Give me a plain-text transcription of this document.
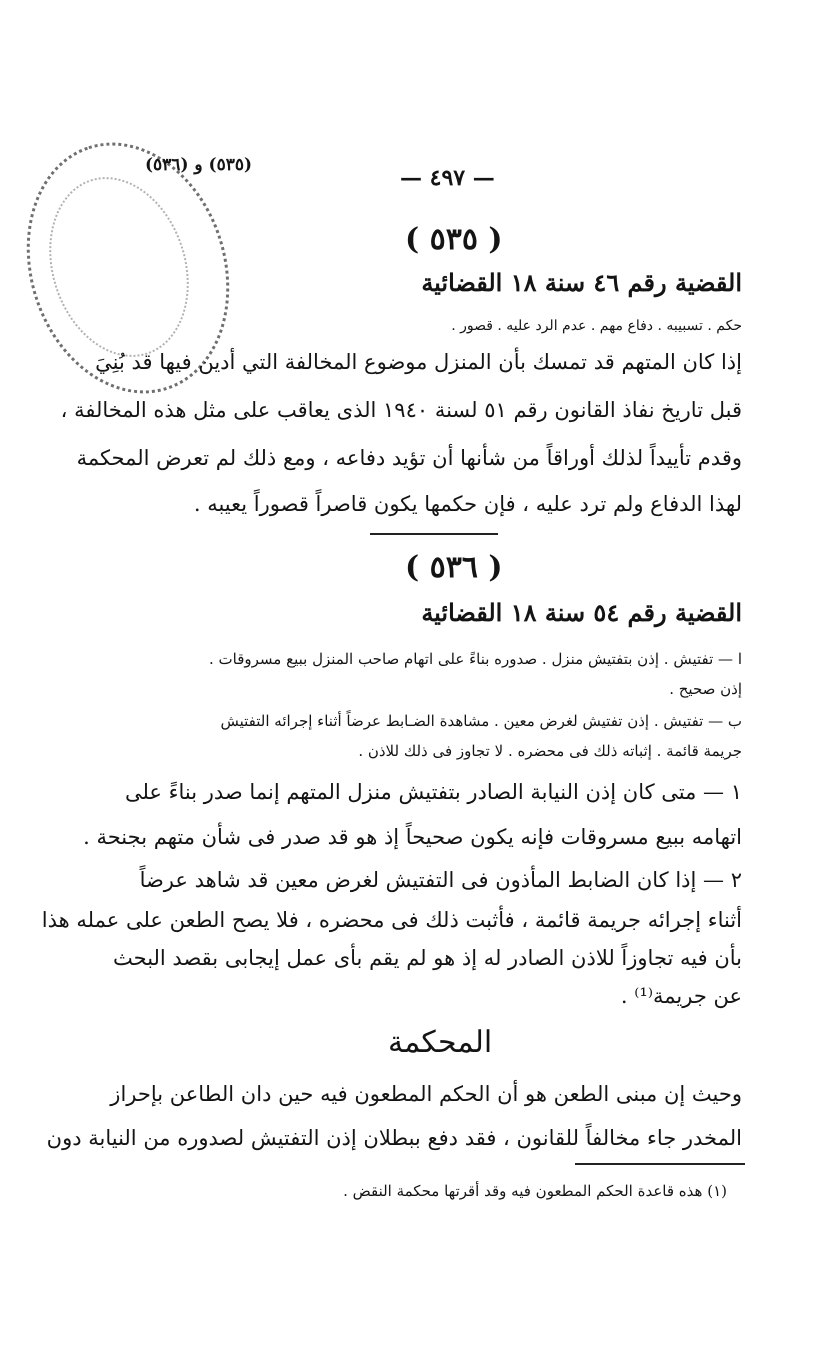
— ٤٩٧ —
(٥٣٥) و (٥٣٦)
( ٥٣٥ )
القضية رقم ٤٦ سنة ١٨ القضائية
حكم . تسبيبه . دفاع مهم . عدم الرد عليه . قصور .
إذا كان المتهم قد تمسك بأن المنزل موضوع المخالفة التي أدين فيها قد بُنِيَ
قبل تاريخ نفاذ القانون رقم ٥١ لسنة ١٩٤٠ الذى يعاقب على مثل هذه المخالفة ،
وقدم تأييداً لذلك أوراقاً من شأنها أن تؤيد دفاعه ، ومع ذلك لم تعرض المحكمة
لهذا الدفاع ولم ترد عليه ، فإن حكمها يكون قاصراً قصوراً يعيبه .
( ٥٣٦ )
القضية رقم ٥٤ سنة ١٨ القضائية
ا — تفتيش . إذن بتفتيش منزل . صدوره بناءً على اتهام صاحب المنزل ببيع مسروقات .
إذن صحيح .
ب — تفتيش . إذن تفتيش لغرض معين . مشاهدة الضـابط عرضاً أثناء إجرائه التفتيش
جريمة قائمة . إثباته ذلك فى محضره . لا تجاوز فى ذلك للاذن .
١ — متى كان إذن النيابة الصادر بتفتيش منزل المتهم إنما صدر بناءً على
اتهامه ببيع مسروقات فإنه يكون صحيحاً إذ هو قد صدر فى شأن متهم بجنحة .
٢ — إذا كان الضابط المأذون فى التفتيش لغرض معين قد شاهد عرضاً
أثناء إجرائه جريمة قائمة ، فأثبت ذلك فى محضره ، فلا يصح الطعن على عمله هذا
بأن فيه تجاوزاً للاذن الصادر له إذ هو لم يقم بأى عمل إيجابى بقصد البحث
عن جريمة⁽¹⁾ .
المحكمة
وحيث إن مبنى الطعن هو أن الحكم المطعون فيه حين دان الطاعن بإحراز
المخدر جاء مخالفاً للقانون ، فقد دفع ببطلان إذن التفتيش لصدوره من النيابة دون
(١) هذه قاعدة الحكم المطعون فيه وقد أقرتها محكمة النقض .
